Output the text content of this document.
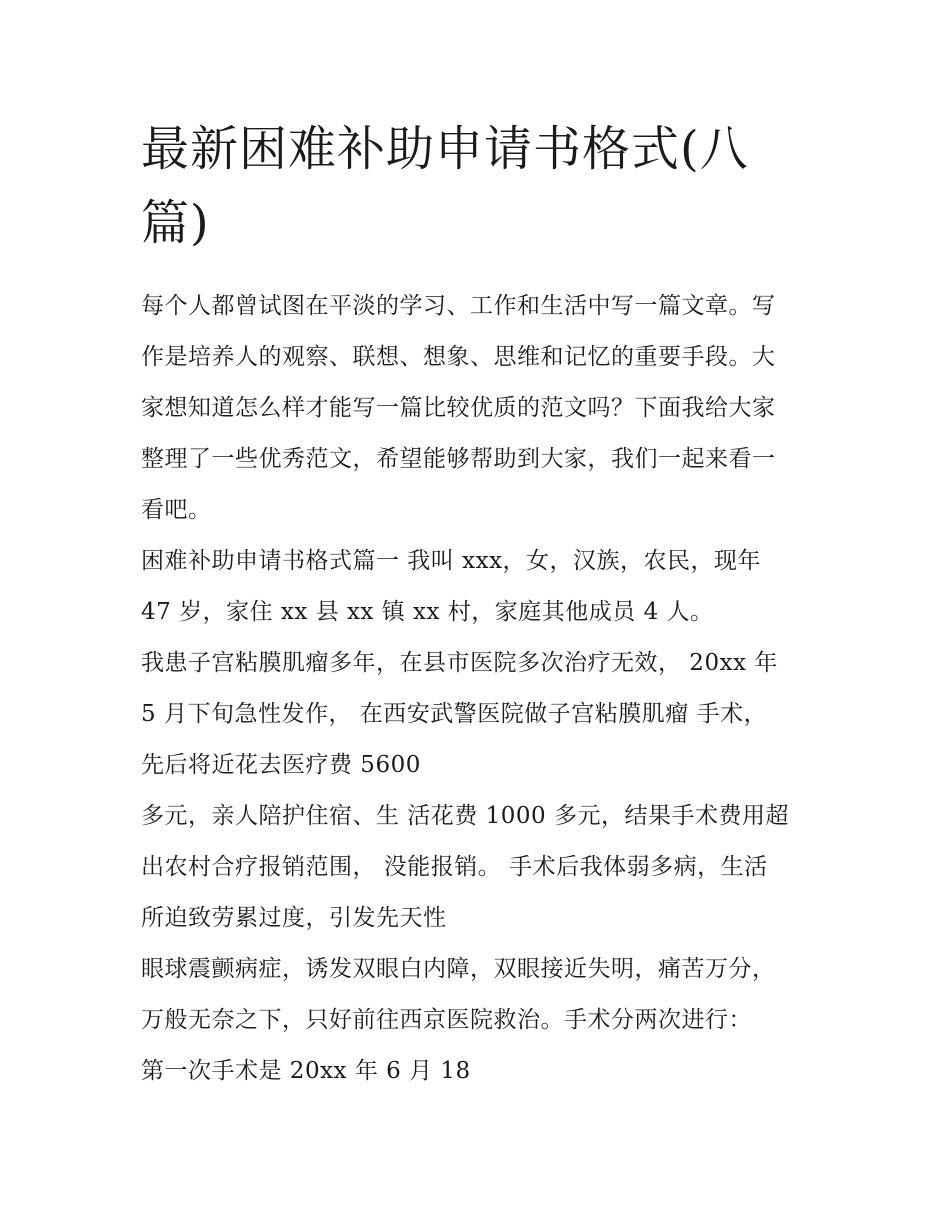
最新困难补助申请书格式(八
篇)

每个人都曾试图在平淡的学习、工作和生活中写一篇文章。写
作是培养人的观察、联想、想象、思维和记忆的重要手段。大
家想知道怎么样才能写一篇比较优质的范文吗？下面我给大家
整理了一些优秀范文，希望能够帮助到大家，我们一起来看一
看吧。

困难补助申请书格式篇一 我叫 xxx，女，汉族，农民，现年
47 岁，家住 xx 县 xx 镇 xx 村，家庭其他成员 4 人。

我患子宫粘膜肌瘤多年，在县市医院多次治疗无效， 20xx 年
5 月下旬急性发作， 在西安武警医院做子宫粘膜肌瘤 手术，
先后将近花去医疗费 5600

多元，亲人陪护住宿、生 活花费 1000 多元，结果手术费用超
出农村合疗报销范围， 没能报销。 手术后我体弱多病，生活
所迫致劳累过度，引发先天性

眼球震颤病症，诱发双眼白内障，双眼接近失明，痛苦万分，
万般无奈之下，只好前往西京医院救治。手术分两次进行：
第一次手术是 20xx 年 6 月 18
